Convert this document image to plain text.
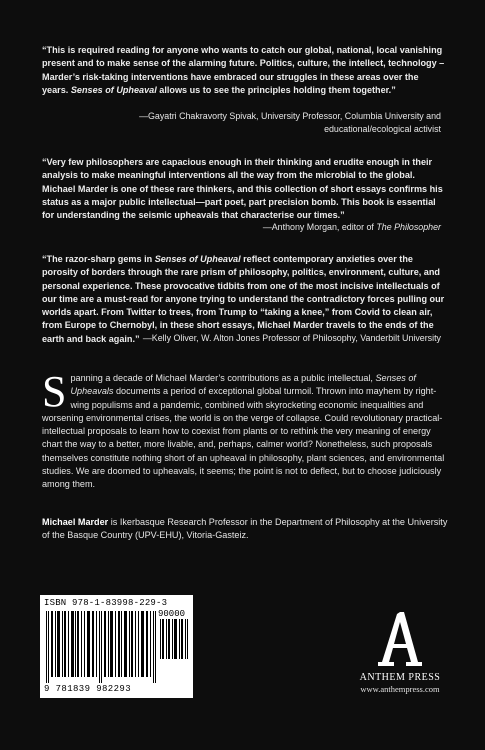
“This is required reading for anyone who wants to catch our global, national, local vanishing present and to make sense of the alarming future. Politics, culture, the intellect, technology – Marder’s risk-taking interventions have embraced our struggles in these areas over the years. Senses of Upheaval allows us to see the principles holding them together.”

—Gayatri Chakravorty Spivak, University Professor, Columbia University and educational/ecological activist

“Very few philosophers are capacious enough in their thinking and erudite enough in their analysis to make meaningful interventions all the way from the microbial to the global. Michael Marder is one of these rare thinkers, and this collection of short essays confirms his status as a major public intellectual—part poet, part precision bomb. This book is essential for understanding the seismic upheavals that characterise our times.”

—Anthony Morgan, editor of The Philosopher

“The razor-sharp gems in Senses of Upheaval reflect contemporary anxieties over the porosity of borders through the rare prism of philosophy, politics, environment, culture, and personal experience. These provocative tidbits from one of the most incisive intellectuals of our time are a must-read for anyone trying to understand the contradictory forces pulling our worlds apart. From Twitter to trees, from Trump to “taking a knee,” from Covid to clean air, from Europe to Chernobyl, in these short essays, Michael Marder travels to the ends of the earth and back again.” —Kelly Oliver, W. Alton Jones Professor of Philosophy, Vanderbilt University
Spanning a decade of Michael Marder’s contributions as a public intellectual, Senses of Upheavals documents a period of exceptional global turmoil. Thrown into mayhem by right-wing populisms and a pandemic, combined with skyrocketing economic inequalities and worsening environmental crises, the world is on the verge of collapse. Could revolutionary practical-intellectual proposals to learn how to coexist from plants or to rethink the very meaning of energy chart the way to a better, more livable, and, perhaps, calmer world? Nonetheless, such proposals themselves constitute nothing short of an upheaval in philosophy, plant sciences, and environmental studies. We are doomed to upheavals, it seems; the point is not to deflect, but to choose judiciously among them.
Michael Marder is Ikerbasque Research Professor in the Department of Philosophy at the University of the Basque Country (UPV-EHU), Vitoria-Gasteiz.
ISBN 978-1-83998-229-3
90000
9 781839 982293
ANTHEM PRESS
www.anthempress.com
